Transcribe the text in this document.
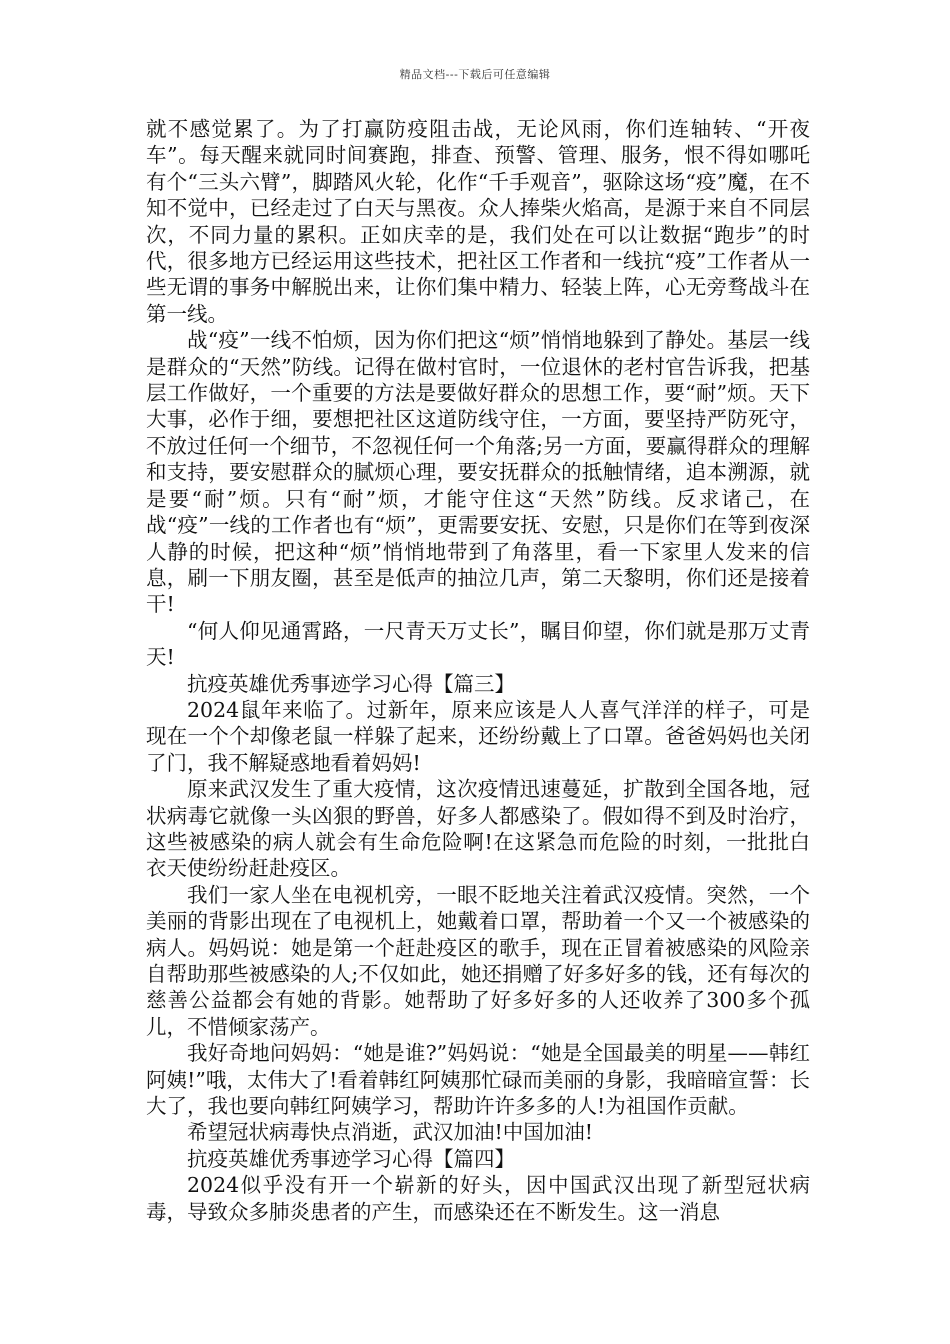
精品文档---下载后可任意编辑

就不感觉累了。为了打赢防疫阻击战，无论风雨，你们连轴转、“开夜车”。每天醒来就同时间赛跑，排查、预警、管理、服务，恨不得如哪吒有个“三头六臂”，脚踏风火轮，化作“千手观音”，驱除这场“疫”魔，在不知不觉中，已经走过了白天与黑夜。众人捧柴火焰高，是源于来自不同层次，不同力量的累积。正如庆幸的是，我们处在可以让数据“跑步”的时代，很多地方已经运用这些技术，把社区工作者和一线抗“疫”工作者从一些无谓的事务中解脱出来，让你们集中精力、轻装上阵，心无旁骛战斗在第一线。

战“疫”一线不怕烦，因为你们把这“烦”悄悄地躲到了静处。基层一线是群众的“天然”防线。记得在做村官时，一位退休的老村官告诉我，把基层工作做好，一个重要的方法是要做好群众的思想工作，要“耐”烦。天下大事，必作于细，要想把社区这道防线守住，一方面，要坚持严防死守，不放过任何一个细节，不忽视任何一个角落;另一方面，要赢得群众的理解和支持，要安慰群众的腻烦心理，要安抚群众的抵触情绪，追本溯源，就是要“耐”烦。只有“耐”烦，才能守住这“天然”防线。反求诸己，在战“疫”一线的工作者也有“烦”，更需要安抚、安慰，只是你们在等到夜深人静的时候，把这种“烦”悄悄地带到了角落里，看一下家里人发来的信息，刷一下朋友圈，甚至是低声的抽泣几声，第二天黎明，你们还是接着干!

“何人仰见通霄路，一尺青天万丈长”，瞩目仰望，你们就是那万丈青天!

抗疫英雄优秀事迹学习心得【篇三】

2024鼠年来临了。过新年，原来应该是人人喜气洋洋的样子，可是现在一个个却像老鼠一样躲了起来，还纷纷戴上了口罩。爸爸妈妈也关闭了门，我不解疑惑地看着妈妈!

原来武汉发生了重大疫情，这次疫情迅速蔓延，扩散到全国各地，冠状病毒它就像一头凶狠的野兽，好多人都感染了。假如得不到及时治疗，这些被感染的病人就会有生命危险啊!在这紧急而危险的时刻，一批批白衣天使纷纷赶赴疫区。

我们一家人坐在电视机旁，一眼不眨地关注着武汉疫情。突然，一个美丽的背影出现在了电视机上，她戴着口罩，帮助着一个又一个被感染的病人。妈妈说：她是第一个赶赴疫区的歌手，现在正冒着被感染的风险亲自帮助那些被感染的人;不仅如此，她还捐赠了好多好多的钱，还有每次的慈善公益都会有她的背影。她帮助了好多好多的人还收养了300多个孤儿，不惜倾家荡产。

我好奇地问妈妈：“她是谁?”妈妈说：“她是全国最美的明星——韩红阿姨!”哦，太伟大了!看着韩红阿姨那忙碌而美丽的身影，我暗暗宣誓：长大了，我也要向韩红阿姨学习，帮助许许多多的人!为祖国作贡献。

希望冠状病毒快点消逝，武汉加油!中国加油!

抗疫英雄优秀事迹学习心得【篇四】

2024似乎没有开一个崭新的好头，因中国武汉出现了新型冠状病毒，导致众多肺炎患者的产生，而感染还在不断发生。这一消息
